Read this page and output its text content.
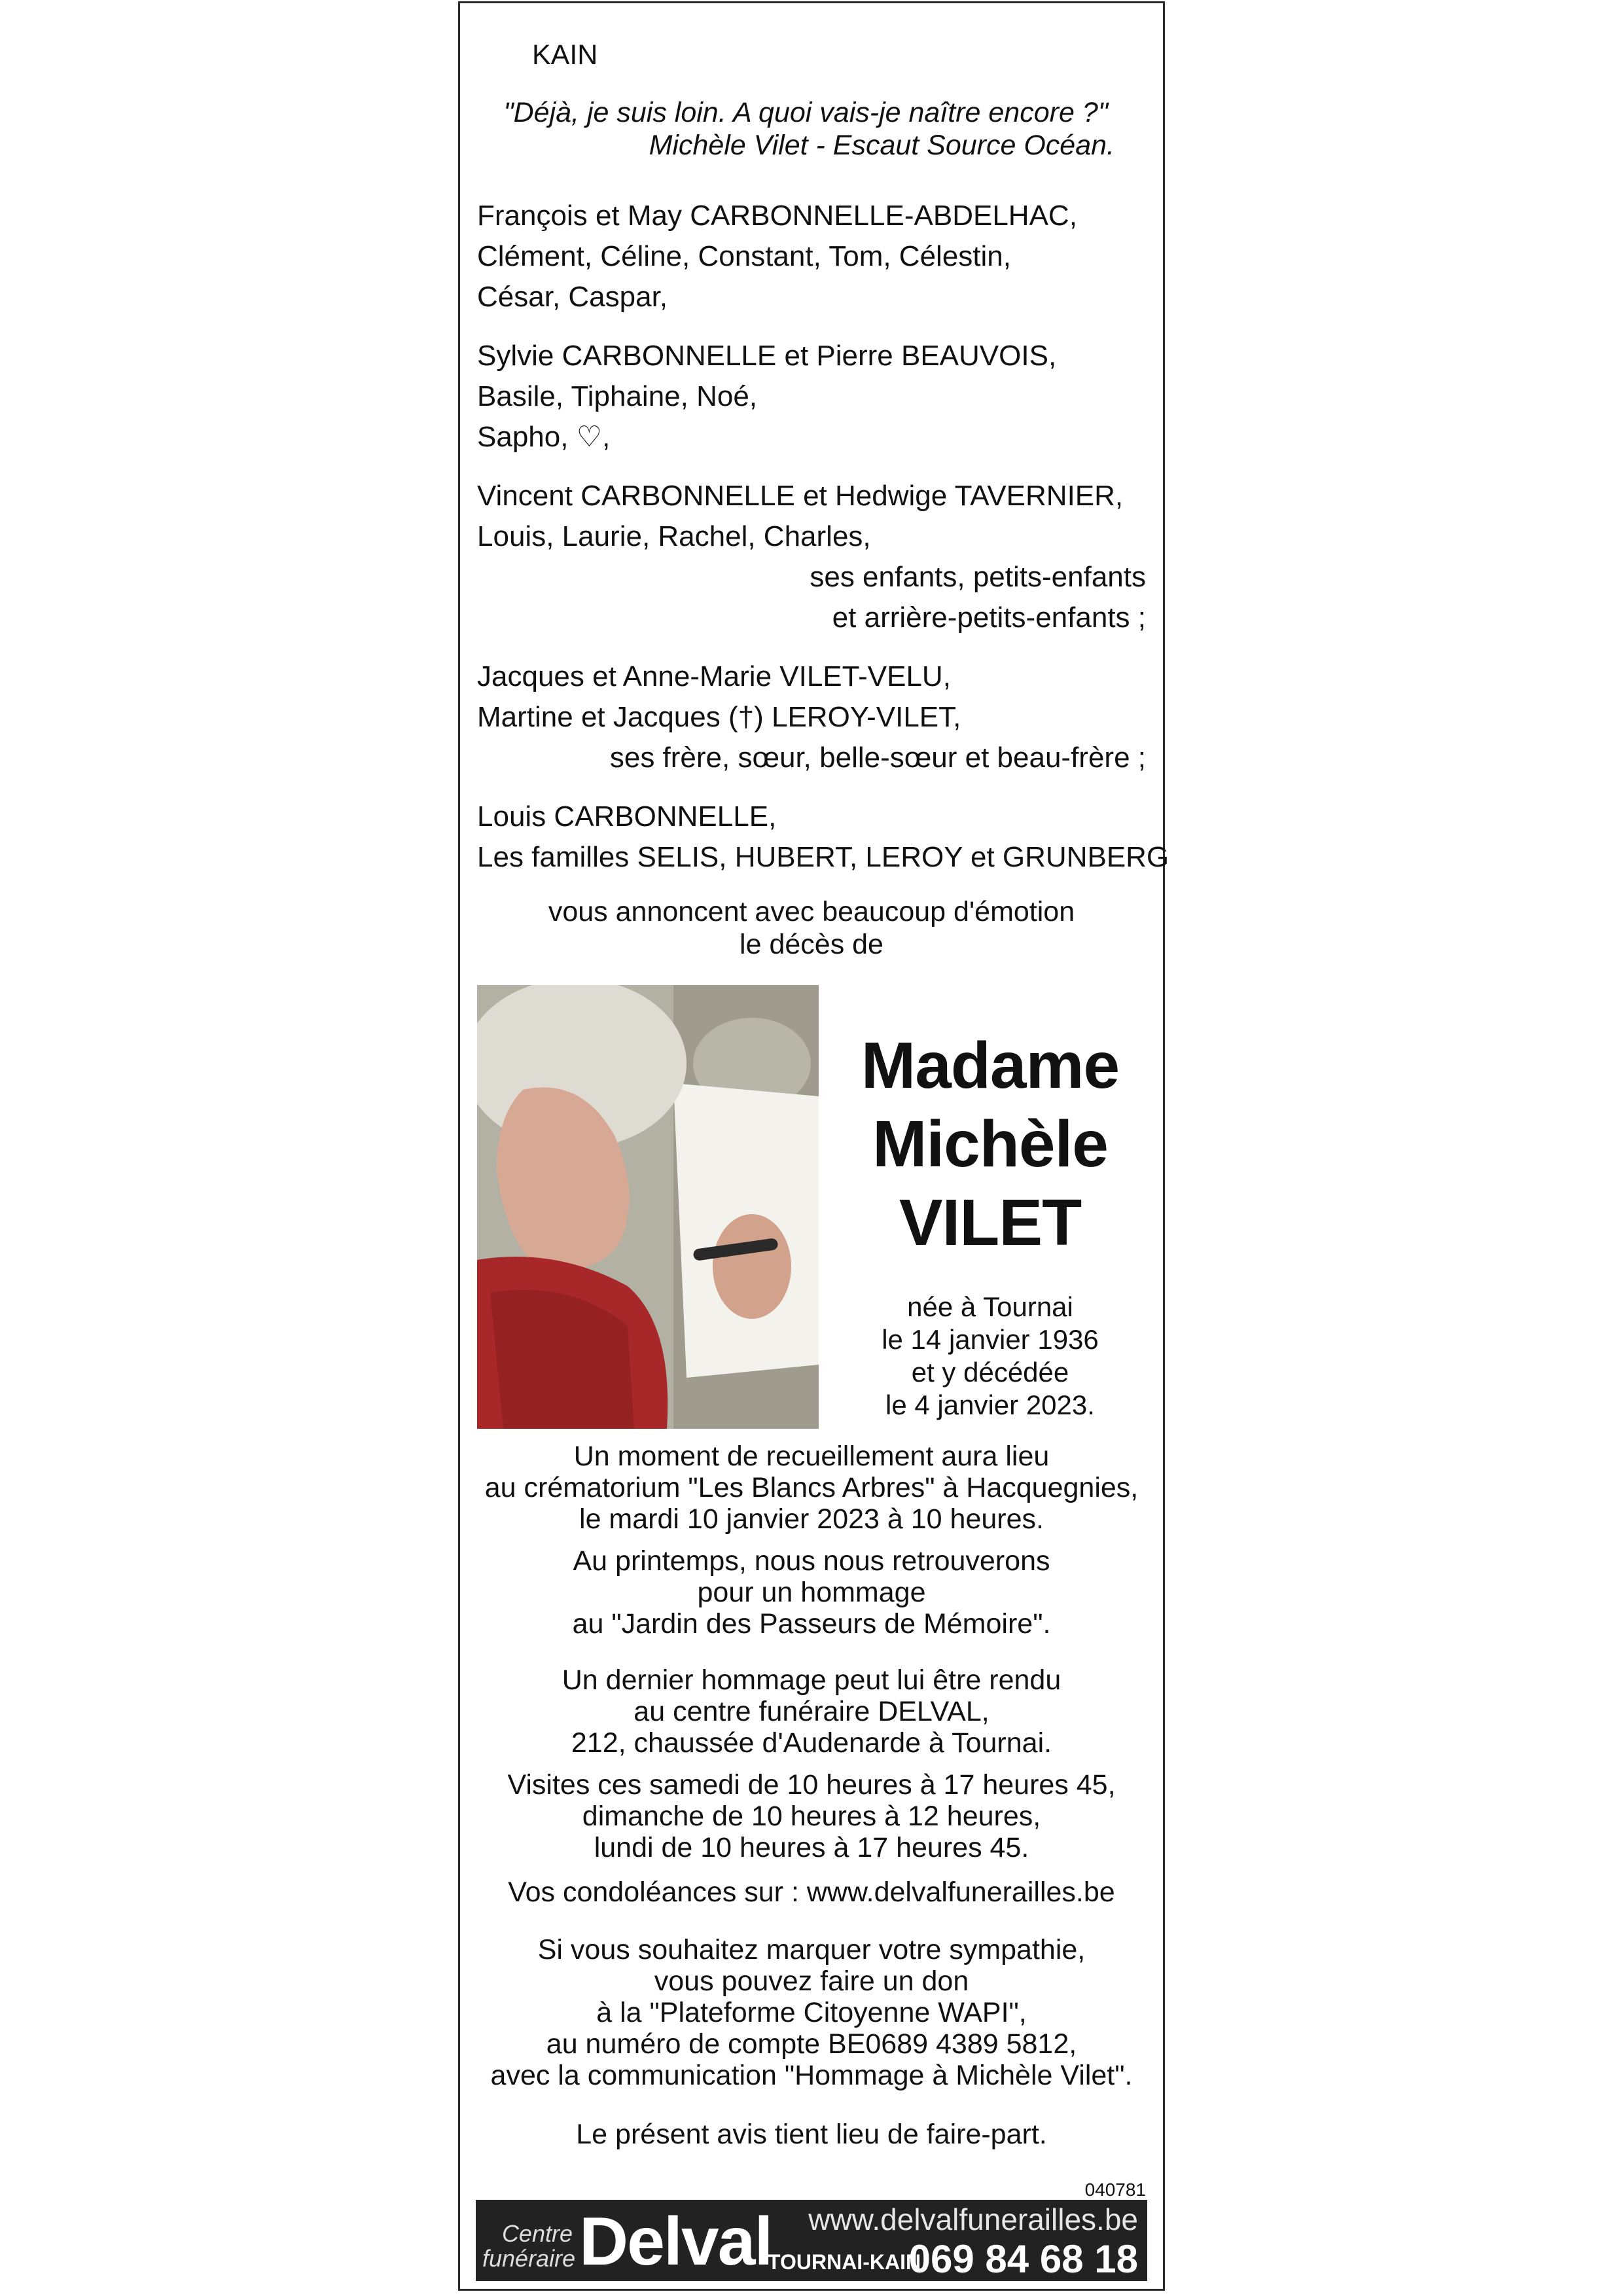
KAIN
"Déjà, je suis loin. A quoi vais-je naître encore ?"
Michèle Vilet - Escaut Source Océan.
François et May CARBONNELLE-ABDELHAC,
Clément, Céline, Constant, Tom, Célestin,
César, Caspar,
Sylvie CARBONNELLE et Pierre BEAUVOIS,
Basile, Tiphaine, Noé,
Sapho, ♡,
Vincent CARBONNELLE et Hedwige TAVERNIER,
Louis, Laurie, Rachel, Charles,
ses enfants, petits-enfants
et arrière-petits-enfants ;
Jacques et Anne-Marie VILET-VELU,
Martine et Jacques (†) LEROY-VILET,
ses frère, sœur, belle-sœur et beau-frère ;
Louis CARBONNELLE,
Les familles SELIS, HUBERT, LEROY et GRUNBERG
vous annoncent avec beaucoup d'émotion
le décès de
Madame
Michèle
VILET
née à Tournai
le 14 janvier 1936
et y décédée
le 4 janvier 2023.
Un moment de recueillement aura lieu
au crématorium "Les Blancs Arbres" à Hacquegnies,
le mardi 10 janvier 2023 à 10 heures.
Au printemps, nous nous retrouverons
pour un hommage
au "Jardin des Passeurs de Mémoire".
Un dernier hommage peut lui être rendu
au centre funéraire DELVAL,
212, chaussée d'Audenarde à Tournai.
Visites ces samedi de 10 heures à 17 heures 45,
dimanche de 10 heures à 12 heures,
lundi de 10 heures à 17 heures 45.
Vos condoléances sur : www.delvalfunerailles.be
Si vous souhaitez marquer votre sympathie,
vous pouvez faire un don
à la "Plateforme Citoyenne WAPI",
au numéro de compte BE0689 4389 5812,
avec la communication "Hommage à Michèle Vilet".
Le présent avis tient lieu de faire-part.
040781
Centre
funéraire Delval www.delvalfunerailles.be
TOURNAI-KAIN
069 84 68 18
